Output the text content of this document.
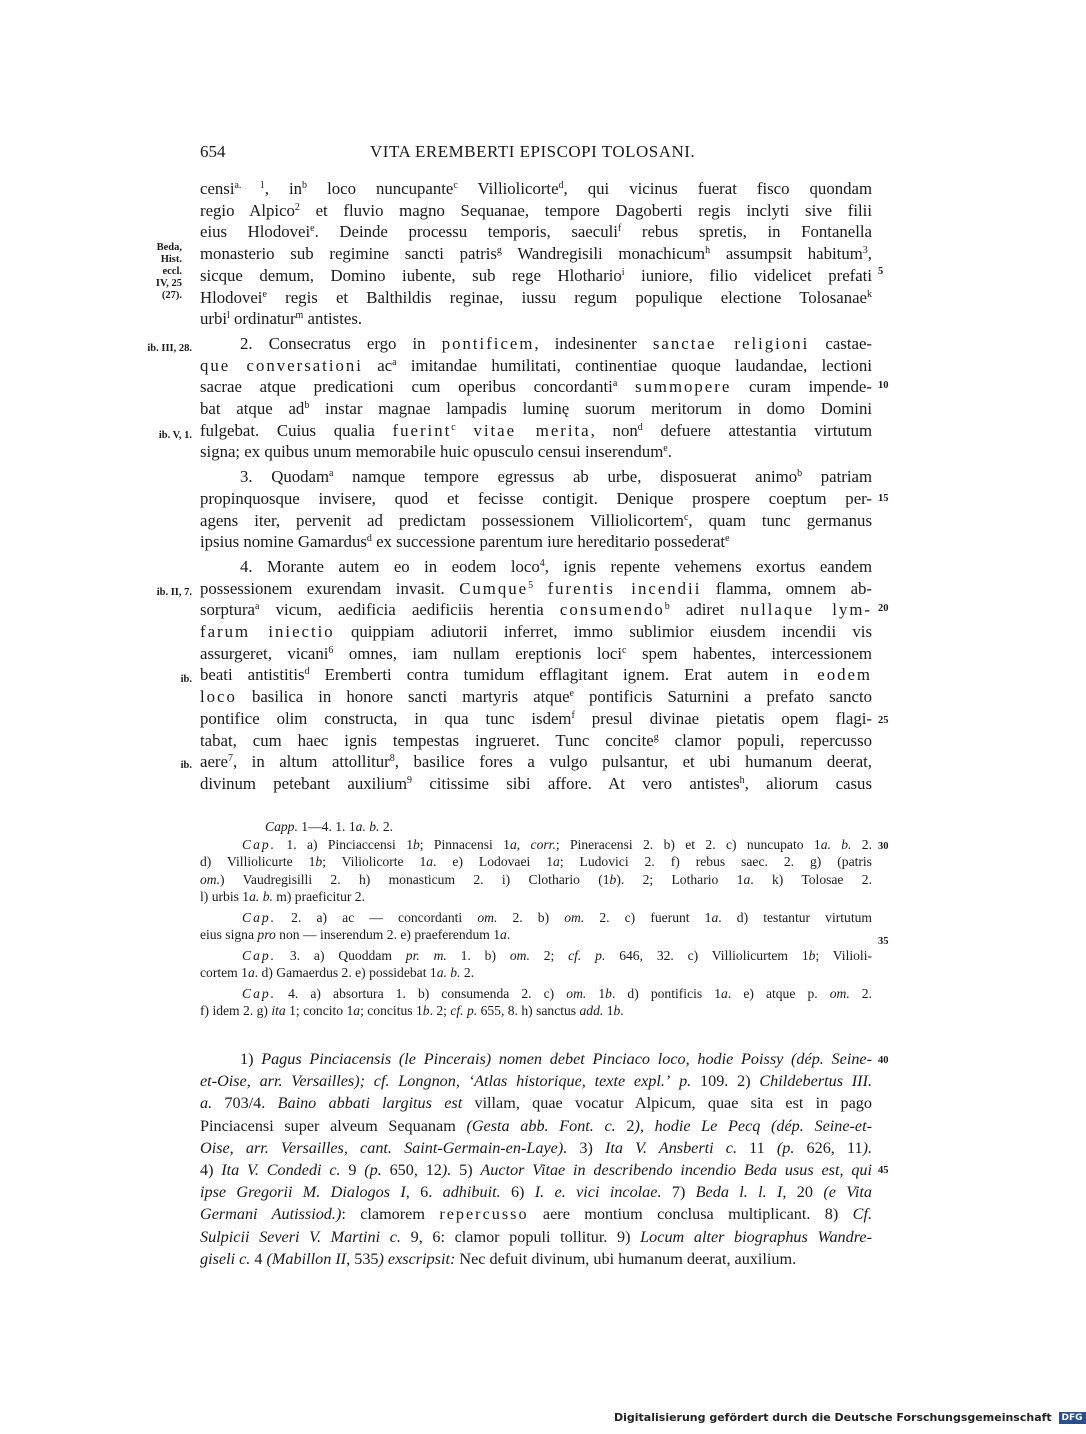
654	VITA EREMBERTI EPISCOPI TOLOSANI.
Beda,
Hist. eccl.
IV, 25 (27).
ib. III, 28.
ib. V, 1.
ib. II, 7.
ib.
ib.
5
10
15
20
25
30
35
40
45
censi$^{a. 1}$, $in^b$ loco nuncupante$^c$ Villiolicorte$^d$, qui vicinus fuerat fisco quondam
regio Alpico$^2$ et fluvio magno Sequanae, tempore Dagoberti regis inclyti sive filii
eius Hlodovei$^e$. Deinde processu temporis, saeculi$^f$ rebus spretis, in Fontanella
monasterio sub regimine sancti patris$^g$ Wandregisili monachicum$^h$ assumpsit habitum$^3$,
sicque demum, Domino iubente, sub rege Hlothario$^i$ iuniore, filio videlicet prefati
Hlodovei$^e$ regis et Balthildis reginae, iussu regum populique electione Tolosanae$^k$
urbi$^l$ ordinatur$^m$ antistes.
2. Consecratus ergo in pontificem, indesinenter sanctae religioni castae-
que conversationi $ac^a$ imitandae humilitati, continentiae quoque laudandae, lectioni
sacrae atque predicationi cum operibus concordanti$^a$ summopere curam impende-
bat atque $ad^b$ instar magnae lampadis luminę suorum meritorum in domo Domini
fulgebat. Cuius qualia fuerint$^c$ vitae merita, non$^d$ defuere attestantia virtutum
signa; ex quibus unum memorabile huic opusculo censui inserendum$^e$.
3. Quodam$^a$ namque tempore egressus ab urbe, disposuerat animo$^b$ patriam
propinquosque invisere, quod et fecisse contigit. Denique prospere coeptum per-
agens iter, pervenit ad predictam possessionem Villiolicortem$^c$, quam tunc germanus
ipsius nomine Gamardus$^d$ ex successione parentum iure hereditario possederat$^e$
4. Morante autem eo in eodem loco$^4$, ignis repente vehemens exortus eandem
possessionem exurendam invasit. Cumque$^5$ furentis incendii flamma, omnem ab-
sorptura$^a$ vicum, aedificia aedificiis herentia consumendo$^b$ adiret nullaque lym-
farum iniectio quippiam adiutorii inferret, immo sublimior eiusdem incendii vis
assurgeret, vicani$^6$ omnes, iam nullam ereptionis loci$^c$ spem habentes, intercessionem
beati antistitis$^d$ Eremberti contra tumidum efflagitant ignem. Erat autem in eodem
loco basilica in honore sancti martyris atque$^e$ pontificis Saturnini a prefato sancto
pontifice olim constructa, in qua tunc isdem$^f$ presul divinae pietatis opem flagi-
tabat, cum haec ignis tempestas ingrueret. Tunc concite$^g$ clamor populi, repercusso
aere$^7$, in altum attollitur$^8$, basilice fores a vulgo pulsantur, et ubi humanum deerat,
divinum petebant auxilium$^9$ citissime sibi affore. At vero antistes$^h$, aliorum casus
Capp. 1—4. 1. 1a. b. 2.
Cap. 1. a) Pinciaccensi 1b; Pinnacensi 1a, corr.; Pineracensi 2. b) et 2. c) nuncupato 1a. b. 2.
d) Villiolicurte 1b; Viliolicorte 1a. e) Lodovaei 1a; Ludovici 2. f) rebus saec. 2. g) (patris
om.) Vaudregisilli 2. h) monasticum 2. i) Clothario (1b). 2; Lothario 1a. k) Tolosae 2.
l) urbis 1a. b. m) praeficitur 2.
Cap. 2. a) ac — concordanti om. 2. b) om. 2. c) fuerunt 1a. d) testantur virtutum
eius signa pro non — inserendum 2. e) praeferendum 1a.
Cap. 3. a) Quoddam pr. m. 1. b) om. 2; cf. p. 646, 32. c) Villiolicurtem 1b; Vilioli-
cortem 1a. d) Gamaerdus 2. e) possidebat 1a. b. 2.
Cap. 4. a) absortura 1. b) consumenda 2. c) om. 1b. d) pontificis 1a. e) atque p. om. 2.
f) idem 2. g) ita 1; concito 1a; concitus 1b. 2; cf. p. 655, 8. h) sanctus add. 1b.
1) Pagus Pinciacensis (le Pincerais) nomen debet Pinciaco loco, hodie Poissy (dép. Seine-
et-Oise, arr. Versailles); cf. Longnon, ʻAtlas historique, texte expl.ʼ p. 109. 2) Childebertus III.
a. 703/4. Baino abbati largitus est villam, quae vocatur Alpicum, quae sita est in pago
Pinciacensi super alveum Sequanam (Gesta abb. Font. c. 2), hodie Le Pecq (dép. Seine-et-
Oise, arr. Versailles, cant. Saint-Germain-en-Laye). 3) Ita V. Ansberti c. 11 (p. 626, 11).
4) Ita V. Condedi c. 9 (p. 650, 12). 5) Auctor Vitae in describendo incendio Beda usus est, qui
ipse Gregorii M. Dialogos I, 6. adhibuit. 6) I. e. vici incolae. 7) Beda l. l. I, 20 (e Vita
Germani Autissiod.): clamorem repercusso aere montium conclusa multiplicant. 8) Cf.
Sulpicii Severi V. Martini c. 9, 6: clamor populi tollitur. 9) Locum alter biographus Wandre-
giseli c. 4 (Mabillon II, 535) exscripsit: Nec defuit divinum, ubi humanum deerat, auxilium.
Digitalisierung gefördert durch die Deutsche Forschungsgemeinschaft DFG
